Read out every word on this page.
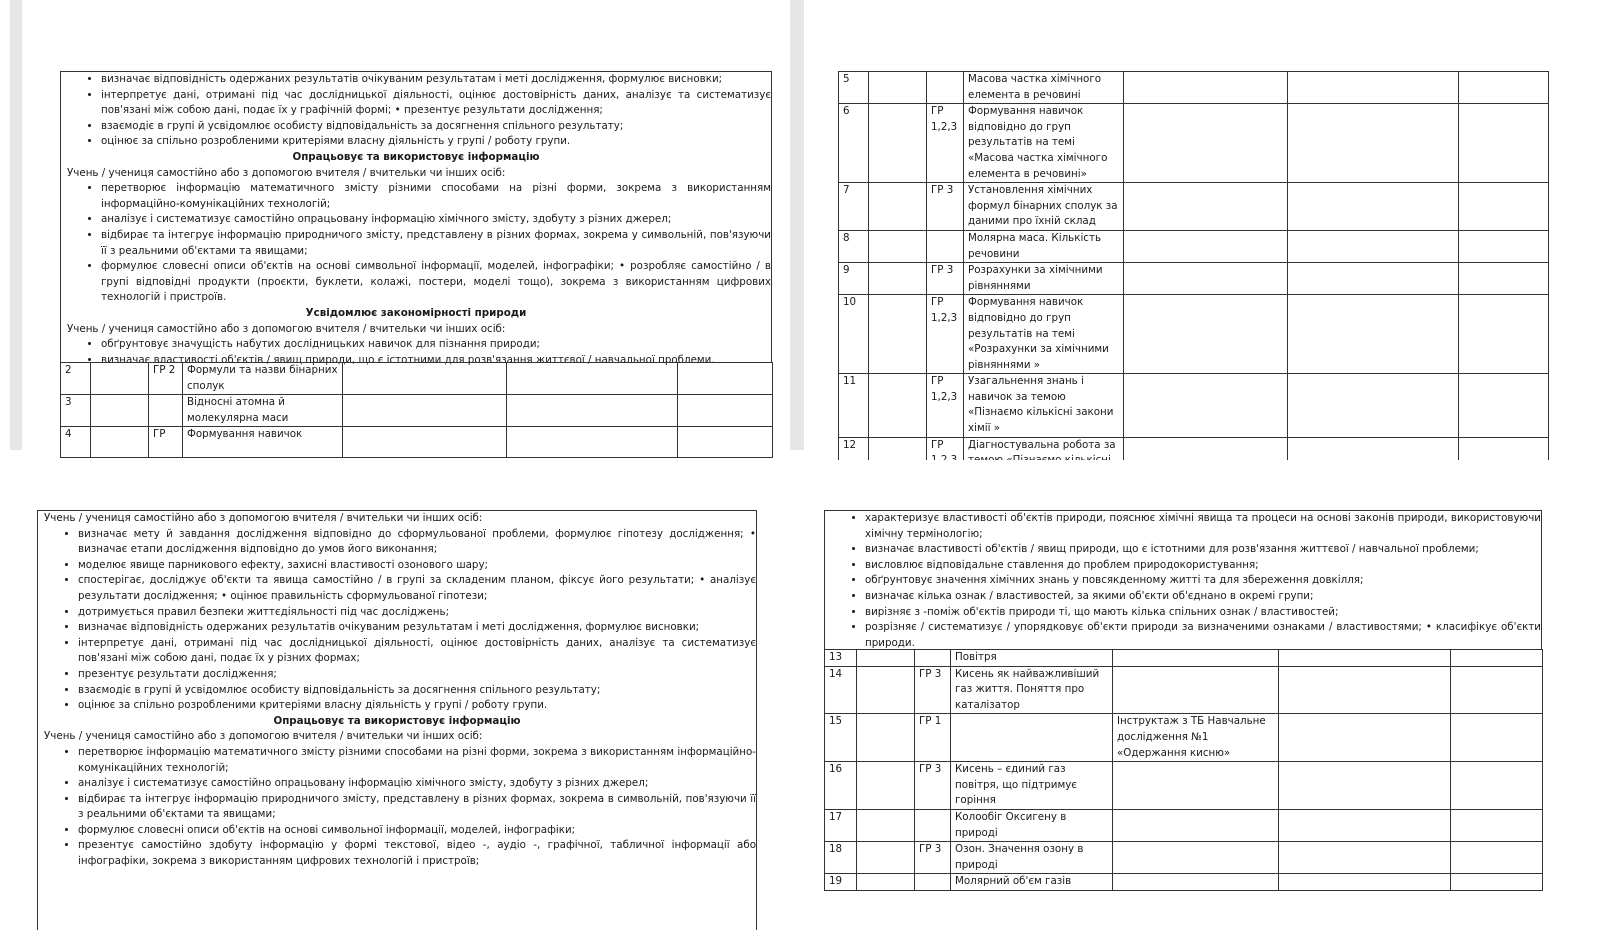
• визначає відповідність одержаних результатів очікуваним результатам і меті дослідження, формулює висновки;
• інтерпретує дані, отримані під час дослідницької діяльності, оцінює достовірність даних, аналізує та систематизує пов'язані між собою дані, подає їх у графічній формі; • презентує результати дослідження;
• взаємодіє в групі й усвідомлює особисту відповідальність за досягнення спільного результату;
• оцінює за спільно розробленими критеріями власну діяльність у групі / роботу групи.
Опрацьовує та використовує інформацію
Учень / учениця самостійно або з допомогою вчителя / вчительки чи інших осіб:
• перетворює інформацію математичного змісту різними способами на різні форми, зокрема з використанням інформаційно-комунікаційних технологій;
• аналізує і систематизує самостійно опрацьовану інформацію хімічного змісту, здобуту з різних джерел;
• відбирає та інтегрує інформацію природничого змісту, представлену в різних формах, зокрема у символьній, пов'язуючи її з реальними об'єктами та явищами;
• формулює словесні описи об'єктів на основі символьної інформації, моделей, інфографіки; • розробляє самостійно / в групі відповідні продукти (проєкти, буклети, колажі, постери, моделі тощо), зокрема з використанням цифрових технологій і пристроїв.
Усвідомлює закономірності природи
Учень / учениця самостійно або з допомогою вчителя / вчительки чи інших осіб:
• обґрунтовує значущість набутих дослідницьких навичок для пізнання природи;
• визначає властивості об'єктів / явищ природи, що є істотними для розв'язання життєвої / навчальної проблеми.
2		ГР 2	Формули та назви бінарних сполук			
3			Відносні атомна й молекулярна маси			
4		ГР	Формування навичок			
5			Масова частка хімічного елемента в речовині			
6		ГР 1,2,3	Формування навичок відповідно до груп результатів на темі «Масова частка хімічного елемента в речовині»			
7		ГР 3	Установлення хімічних формул бінарних сполук за даними про їхній склад			
8			Молярна маса. Кількість речовини			
9		ГР 3	Розрахунки за хімічними рівняннями			
10		ГР 1,2,3	Формування навичок відповідно до груп результатів на темі «Розрахунки за хімічними рівняннями »			
11		ГР 1,2,3	Узагальнення знань і навичок за темою «Пізнаємо кількісні закони хімії »			
12		ГР	Діагностувальна робота за			
Учень / учениця самостійно або з допомогою вчителя / вчительки чи інших осіб:
• визначає мету й завдання дослідження відповідно до сформульованої проблеми, формулює гіпотезу дослідження; • визначає етапи дослідження відповідно до умов його виконання;
• моделює явище парникового ефекту, захисні властивості озонового шару;
• спостерігає, досліджує об'єкти та явища самостійно / в групі за складеним планом, фіксує його результати; • аналізує результати дослідження; • оцінює правильність сформульованої гіпотези;
• дотримується правил безпеки життєдіяльності під час досліджень;
• визначає відповідність одержаних результатів очікуваним результатам і меті дослідження, формулює висновки;
• інтерпретує дані, отримані під час дослідницької діяльності, оцінює достовірність даних, аналізує та систематизує пов'язані між собою дані, подає їх у різних формах;
• презентує результати дослідження;
• взаємодіє в групі й усвідомлює особисту відповідальність за досягнення спільного результату;
• оцінює за спільно розробленими критеріями власну діяльність у групі / роботу групи.
Опрацьовує та використовує інформацію
Учень / учениця самостійно або з допомогою вчителя / вчительки чи інших осіб:
• перетворює інформацію математичного змісту різними способами на різні форми, зокрема з використанням інформаційно-комунікаційних технологій;
• аналізує і систематизує самостійно опрацьовану інформацію хімічного змісту, здобуту з різних джерел;
• відбирає та інтегрує інформацію природничого змісту, представлену в різних формах, зокрема в символьній, пов'язуючи її з реальними об'єктами та явищами;
• формулює словесні описи об'єктів на основі символьної інформації, моделей, інфографіки;
• презентує самостійно здобуту інформацію у формі текстової, відео -, аудіо -, графічної, табличної інформації або інфографіки, зокрема з використанням цифрових технологій і пристроїв;
• характеризує властивості об'єктів природи, пояснює хімічні явища та процеси на основі законів природи, використовуючи хімічну термінологію;
• визначає властивості об'єктів / явищ природи, що є істотними для розв'язання життєвої / навчальної проблеми;
• висловлює відповідальне ставлення до проблем природокористування;
• обґрунтовує значення хімічних знань у повсякденному житті та для збереження довкілля;
• визначає кілька ознак / властивостей, за якими об'єкти об'єднано в окремі групи;
• вирізняє з -поміж об'єктів природи ті, що мають кілька спільних ознак / властивостей;
• розрізняє / систематизує / упорядковує об'єкти природи за визначеними ознаками / властивостями; • класифікує об'єкти природи.
13			Повітря			
14		ГР 3	Кисень як найважливіший газ життя. Поняття про каталізатор			
15		ГР 1		Інструктаж з ТБ Навчальне дослідження №1 «Одержання кисню»		
16		ГР 3	Кисень – єдиний газ повітря, що підтримує горіння			
17			Колообіг Оксигену в природі			
18		ГР 3	Озон. Значення озону в природі			
19			Молярний об'єм газів			
